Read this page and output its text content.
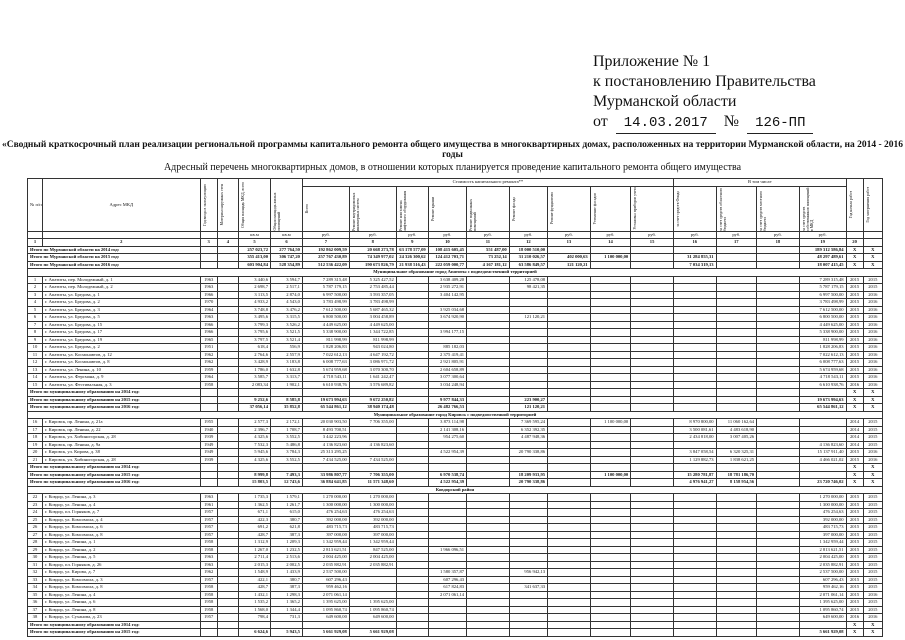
Приложение № 1
к постановлению Правительства
Мурманской области
от	14.03.2017	№	126-ПП
«Сводный краткосрочный план реализации региональной программы капитального ремонта общего имущества в многоквартирных домах, расположенных на территории Мурманской области, на 2014 - 2016 годы
Адресный перечень многоквартирных домов, в отношении которых планируется проведение капитального ремонта общего имущества
№ п/п	Адрес МКД	Год ввода в эксплуатацию	Материал наружных стен	Общая площадь МКД, всего	Общая площадь жилых помещений	Стоимость капитального ремонта**									В том числе				Год начала работ	Год завершения работ

						Всего	Ремонт внутридомовых инженерных систем	Ремонт или замена лифтового оборудования	Ремонт крыши	Ремонт подвальных помещений	Ремонт фасада	Ремонт фундамента	Утепление фасадов	Установка приборов учета	за счет средств Фонда	за счет средств областного бюджета	за счет средств местного бюджета	за счет средств собственников помещений в МКД		

				кв.м	кв.м	руб.	руб.	руб.	руб.	руб.	руб.	руб.	руб.	руб.	руб.	руб.	руб.	руб.		
1	2	3	4	5	6	7	8	9	10	11	12	13	14	15	16	17	18	19	20	
Итого по Мурманской области на 2014 год:				257 023,72	277 764,50	192 862 009,59	20 668 273,78	63 178 577,09	108 415 605,45	551 487,00	18 000 510,00							189 312 586,84	X	X
Итого по Мурманской области на 2015 год:				355 413,00	306 747,20	257 767 430,89	74 349 977,02	24 326 300,62	124 412 703,71	73 252,14	31 210 026,57	402 000,63	1 100 000,00		31 284 855,31			48 297 489,61	X	X
Итого по Мурманской области на 2016 год:				603 904,84	528 354,89	512 536 422,09	190 673 826,79	21 938 516,43	222 059 000,77	4 167 181,12	63 586 849,57	121 120,21			7 034 319,13			18 007 415,45	X	X
Муниципальное образование город Апатиты с подведомственной территорией																				
1	г. Апатиты, пер. Молодежный, д. 1	1963		3 440,6	3 594,7	7 289 315,48	5 325 427,52		3 638 409,20		125 478,08							7 289 315,48	2015	2015
2	г. Апатиты, пер. Молодежный, д. 2	1963		2 698,7	2 517,1	5 787 179,15	2 753 485,44		2 935 272,91		98 421,35							5 787 179,15	2015	2015
3	г. Апатиты, ул. Бредова, д. 1	1966		3 113,5	2 874,0	6 997 500,00	3 593 357,05		3 404 142,95									6 997 500,00	2015	2016
4	г. Апатиты, ул. Бредова, д. 2	1970		4 933,2	4 543,0	3 783 498,99	3 783 498,99											3 783 498,99	2015	2016
5	г. Апатиты, ул. Бредова, д. 3	1964		3 748,8	3 476,2	7 612 500,00	5 687 465,32		3 925 034,68									7 612 500,00	2015	2016
6	г. Апатиты, ул. Бредова, д. 5	1963		3 495,6	3 315,5	6 800 500,00	3 004 458,89		3 674 920,90		121 120,21							6 800 500,00	2015	2016
7	г. Апатиты, ул. Бредова, д. 15	1966		3 799,3	3 526,2	4 449 625,00	4 449 625,00											4 449 625,00	2015	2016
8	г. Апатиты, ул. Бредова, д. 17	1966		3 795,6	3 521,5	5 338 900,00	1 344 722,85		3 994 177,15									5 338 900,00	2015	2016
9	г. Апатиты, ул. Бредова, д. 19	1965		3 797,5	3 521,4	811 998,99	811 998,99											811 998,99	2015	2016
10	г. Апатиты, ул. Бредова, д. 2	1951		618,4	556,9	1 828 206,83	943 024,80		885 182,03									1 828 206,83	2015	2016
11	г. Апатиты, ул. Космонавтов, д. 12	1962		2 764,6	2 557,9	7 022 612,13	4 647 192,72		2 375 419,41									7 022 612,13	2015	2016
12	г. Апатиты, ул. Космонавтов, д. 8	1962		3 428,9	3 183,8	6 008 777,63	3 086 971,72		2 921 805,91									6 008 777,63	2015	2016
13	г. Апатиты, ул. Ленина, д. 10	1959		1 786,0	1 632,8	5 674 959,68	3 070 300,70		2 604 658,89									5 674 959,68	2015	2016
14	г. Апатиты, ул. Ферсмана, д. 9	1964		3 585,7	3 313,7	4 718 543,11	1 641 242,47		3 077 300,64									4 718 543,11	2015	2016
15	г. Апатиты, ул. Фестивальная, д. 3	1958		2 083,34	1 902,1	6 610 938,76	3 576 689,82		3 034 248,94									6 610 938,76	2016	2016
Итого по муниципальному образованию на 2014 год:																			X	X
Итого по муниципальному образованию на 2015 год:				9 252,6	8 585,8	19 673 994,63	9 672 250,82		9 977 844,33		223 900,27							19 673 994,63	X	X
Итого по муниципальному образованию на 2016 год:				37 056,14	35 852,8	65 544 861,12	38 940 174,48		26 482 766,53		121 120,21							65 544 861,12	X	X
Муниципальное образование город Кировск с подведомственной территорией																				
16	г. Кировск, пр. Ленина, д. 21а	1955		2 577,3	2 172,1	20 030 903,50	7 706 355,00		3 873 114,98		7 369 595,24		1 100 000,00		8 970 800,00	11 060 162,64			2014	2015
17	г. Кировск, пр. Ленина, д. 22	1940		2 396,7	1 708,7	8 493 700,51			2 141 308,16		6 352 392,35				3 500 081,61	4 483 618,90			2014	2015
18	г. Кировск, ул. Хибиногорская, д. 28	1939		4 325,6	3 552,5	3 442 223,96			954 275,60		4 487 948,36				2 434 818,00	3 007 405,26			2014	2015
19	г. Кировск, пр. Ленина, д. 9а	1949		7 532,3	5 486,8	4 136 823,60	4 136 823,60											4 136 823,60	2014	2015
20	г. Кировск, ул. Кирова, д. 38	1949		5 945,6	3 784,3	25 313 295,25			4 522 954,39		20 790 338,86				3 847 058,54	6 320 325,31		15 137 911,40	2015	2016
21	г. Кировск, ул. Хибиногорская, д. 28	1939		4 325,6	3 552,5	7 434 525,00	7 434 525,00								1 129 882,73	1 838 621,25		4 466 021,02	2015	2016
Итого по муниципальному образованию на 2014 год:																			X	X
Итого по муниципальному образованию на 2015 год:				8 999,8	7 493,3	33 986 807,77	7 706 355,00		6 970 538,74		18 209 933,95		1 100 000,00		15 280 781,87	18 781 186,70			X	X
Итого по муниципальному образованию на 2016 год:				15 803,5	12 743,6	36 884 641,85	11 571 348,60		4 522 954,39		20 790 338,86				4 976 941,27	8 158 954,56		23 720 746,02	X	X
Ковдорский район																				
22	г. Ковдор, ул. Ленина, д. 3	1963		1 735,3	1 579,1	1 270 000,00	1 270 000,00											1 270 000,00	2015	2015
23	г. Ковдор, ул. Ленина, д. 4	1961		1 362,5	1 261,7	1 300 000,00	1 300 000,00											1 300 000,00	2015	2015
24	г. Ковдор, пл. Горняков, д. 7	1957		671,1	615,0	476 254,63	476 254,63											476 254,63	2015	2015
25	г. Ковдор, ул. Комсомола, д. 4	1957		422,3	380,7	392 000,00	392 000,00											392 000,00	2015	2015
26	г. Ковдор, ул. Комсомола, д. 6	1957		691,2	621,8	483 715,73	483 715,73											483 715,73	2015	2015
27	г. Ковдор, ул. Комсомола, д. 8	1957		428,7	387,3	397 000,00	397 000,00											397 000,00	2015	2015
28	г. Ковдор, ул. Ленина, д. 1	1958		1 312,9	1 209,3	1 342 959,44	1 342 959,44											1 342 959,44	2015	2015
29	г. Ковдор, ул. Ленина, д. 2	1958		1 267,0	1 232,5	2 813 621,51	847 525,00		1 966 096,51									2 813 621,51	2015	2015
30	г. Ковдор, ул. Ленина, д. 5	1963		2 711,4	2 513,6	2 004 425,00	2 004 425,00											2 004 425,00	2015	2015
31	г. Ковдор, пл. Горняков, д. 26	1963		2 015,3	2 002,5	2 035 882,91	2 035 882,91											2 035 882,91	2015	2015
32	г. Ковдор, ул. Кирова, д. 7	1962		1 548,9	1 433,9	2 537 500,00			1 580 357,87		956 942,13							2 537 500,00	2015	2015
33	г. Ковдор, ул. Комсомола, д. 3	1957		422,1	380,7	607 296,43			607 296,43									607 296,43	2015	2015
34	г. Ковдор, ул. Комсомола, д. 8	1958		428,7	387,3	959 462,16			617 824,83		341 637,33							959 462,16	2015	2015
35	г. Ковдор, ул. Ленина, д. 4	1958		1 432,1	1 298,3	2 071 061,14			2 071 061,14									2 071 061,14	2015	2016
36	г. Ковдор, ул. Ленина, д. 6	1958		1 535,2	1 365,2	1 395 625,00	1 395 625,00											1 395 625,00	2015	2015
37	г. Ковдор, ул. Ленина, д. 8	1958		1 568,0	1 344,4	1 095 860,74	1 095 860,74											1 095 860,74	2015	2015
38	г. Ковдор, ул. Суханова, д. 23	1957		798,4	731,3	649 600,00	649 600,00											649 600,00	2016	2016
Итого по муниципальному образованию на 2014 год:																			X	X
Итого по муниципальному образованию на 2015 год:				6 624,6	5 943,5	5 661 929,08	5 661 929,08											5 661 929,08	X	X
